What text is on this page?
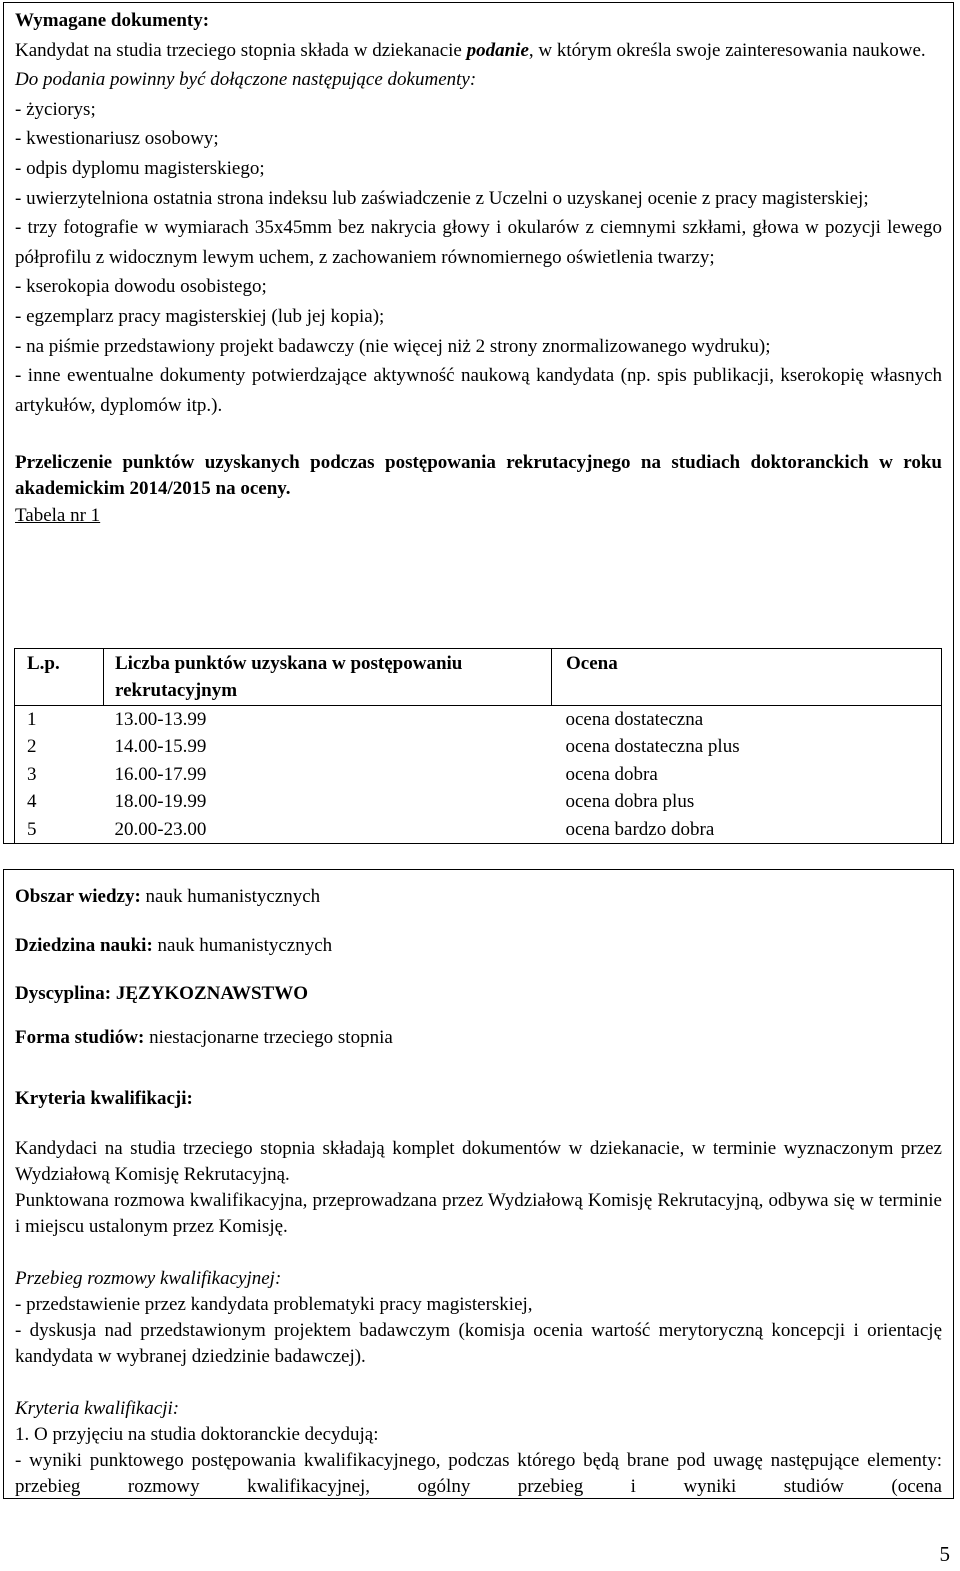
Wymagane dokumenty:

Kandydat na studia trzeciego stopnia składa w dziekanacie podanie, w którym określa swoje zainteresowania naukowe.

Do podania powinny być dołączone następujące dokumenty:

- życiorys;

- kwestionariusz osobowy;

- odpis dyplomu magisterskiego;

- uwierzytelniona ostatnia strona indeksu lub zaświadczenie z Uczelni o uzyskanej ocenie z pracy magisterskiej;

- trzy fotografie w wymiarach 35x45mm bez nakrycia głowy i okularów z ciemnymi szkłami, głowa w pozycji lewego półprofilu z widocznym lewym uchem, z zachowaniem równomiernego oświetlenia twarzy;

- kserokopia dowodu osobistego;

- egzemplarz pracy magisterskiej (lub jej kopia);

- na piśmie przedstawiony projekt badawczy (nie więcej niż 2 strony znormalizowanego wydruku);

- inne ewentualne dokumenty potwierdzające aktywność naukową kandydata (np. spis publikacji, kserokopię własnych artykułów, dyplomów itp.).

Przeliczenie punktów uzyskanych podczas postępowania rekrutacyjnego na studiach doktoranckich w roku akademickim 2014/2015 na oceny.

Tabela nr 1

L.p.	Liczba punktów uzyskana w postępowaniu rekrutacyjnym	Ocena
1	13.00-13.99	ocena dostateczna
2	14.00-15.99	ocena dostateczna plus
3	16.00-17.99	ocena dobra
4	18.00-19.99	ocena dobra plus
5	20.00-23.00	ocena bardzo dobra

Obszar wiedzy: nauk humanistycznych

Dziedzina nauki: nauk humanistycznych

Dyscyplina: JĘZYKOZNAWSTWO

Forma studiów: niestacjonarne trzeciego stopnia

Kryteria kwalifikacji:

Kandydaci na studia trzeciego stopnia składają komplet dokumentów w dziekanacie, w terminie wyznaczonym przez Wydziałową Komisję Rekrutacyjną.

Punktowana rozmowa kwalifikacyjna, przeprowadzana przez Wydziałową Komisję Rekrutacyjną, odbywa się w terminie i miejscu ustalonym przez Komisję.

Przebieg rozmowy kwalifikacyjnej:

- przedstawienie przez kandydata problematyki pracy magisterskiej,

- dyskusja nad przedstawionym projektem badawczym (komisja ocenia wartość merytoryczną koncepcji i orientację kandydata w wybranej dziedzinie badawczej).

Kryteria kwalifikacji:

1. O przyjęciu na studia doktoranckie decydują:

- wyniki punktowego postępowania kwalifikacyjnego, podczas którego będą brane pod uwagę następujące elementy: przebieg rozmowy kwalifikacyjnej, ogólny przebieg i wyniki studiów (ocena

5
